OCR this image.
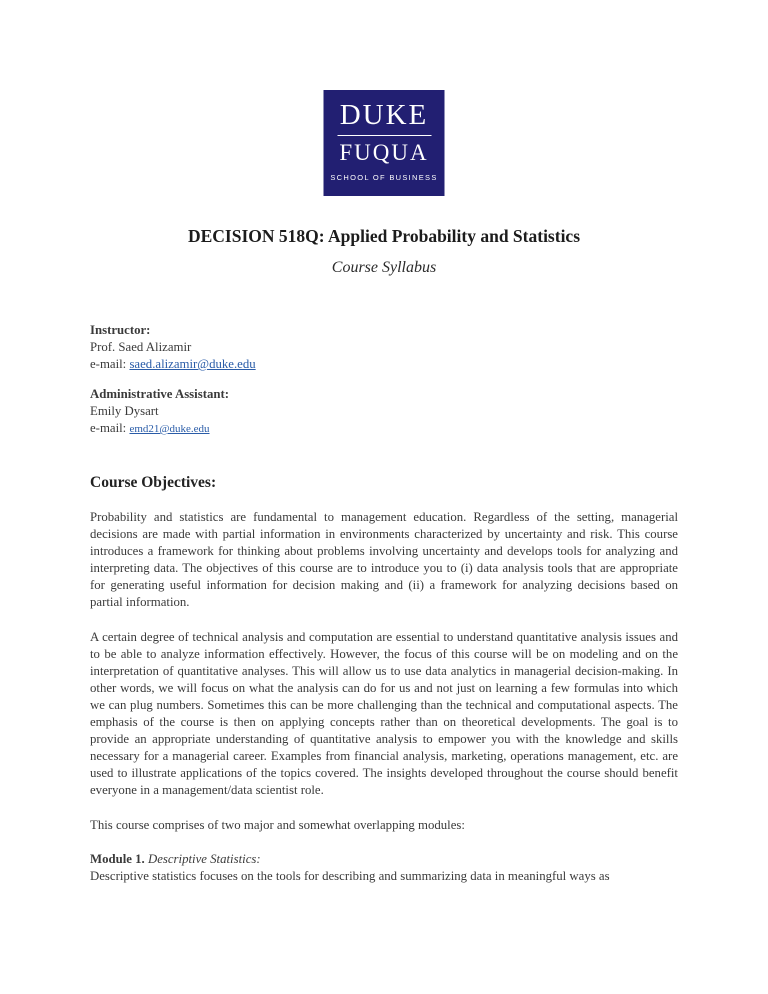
DUKE
FUQUA
SCHOOL OF BUSINESS
DECISION 518Q: Applied Probability and Statistics
Course Syllabus
Instructor:
Prof. Saed Alizamir
e-mail: saed.alizamir@duke.edu
Administrative Assistant:
Emily Dysart
e-mail: emd21@duke.edu
Course Objectives:

Probability and statistics are fundamental to management education. Regardless of the setting, managerial decisions are made with partial information in environments characterized by uncertainty and risk. This course introduces a framework for thinking about problems involving uncertainty and develops tools for analyzing and interpreting data. The objectives of this course are to introduce you to (i) data analysis tools that are appropriate for generating useful information for decision making and (ii) a framework for analyzing decisions based on partial information.

A certain degree of technical analysis and computation are essential to understand quantitative analysis issues and to be able to analyze information effectively. However, the focus of this course will be on modeling and on the interpretation of quantitative analyses. This will allow us to use data analytics in managerial decision-making. In other words, we will focus on what the analysis can do for us and not just on learning a few formulas into which we can plug numbers. Sometimes this can be more challenging than the technical and computational aspects. The emphasis of the course is then on applying concepts rather than on theoretical developments. The goal is to provide an appropriate understanding of quantitative analysis to empower you with the knowledge and skills necessary for a managerial career. Examples from financial analysis, marketing, operations management, etc. are used to illustrate applications of the topics covered. The insights developed throughout the course should benefit everyone in a management/data scientist role.

This course comprises of two major and somewhat overlapping modules:

Module 1. Descriptive Statistics:
Descriptive statistics focuses on the tools for describing and summarizing data in meaningful ways as
